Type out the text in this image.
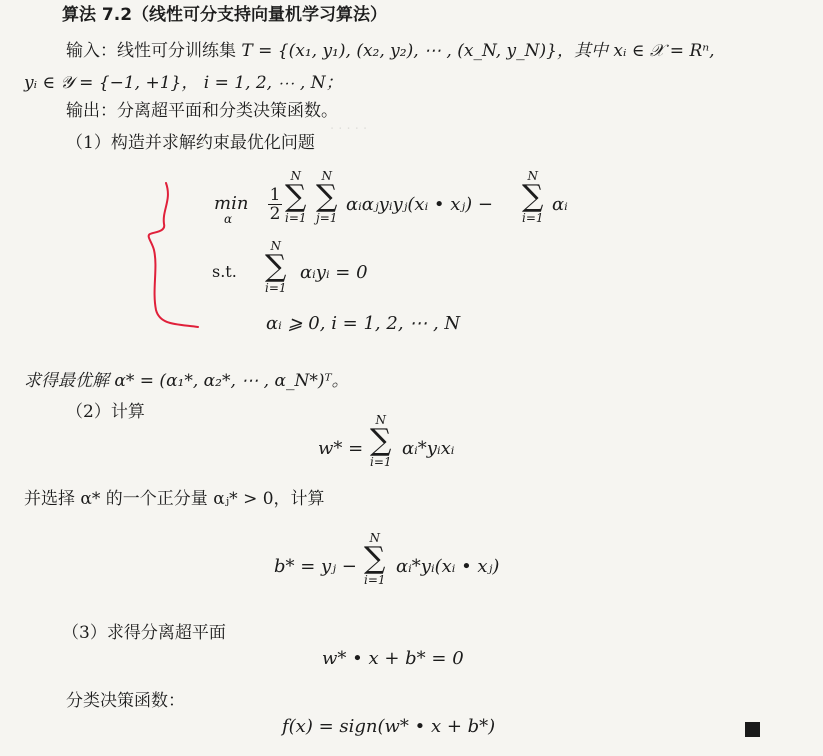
· · · · ·
算法 7.2（线性可分支持向量机学习算法）
输入：线性可分训练集 T = {(x₁, y₁), (x₂, y₂), ⋯ , (x_N, y_N)}，其中 xᵢ ∈ 𝒳 = Rⁿ,
yᵢ ∈ 𝒴 = {−1, +1}， i = 1, 2, ⋯ , N；
输出：分离超平面和分类决策函数。
（1）构造并求解约束最优化问题
min
α
1
2
N
∑
i=1
N
∑
j=1
αᵢαⱼyᵢyⱼ(xᵢ • xⱼ) −
N
∑
i=1
αᵢ
s.t.
N
∑
i=1
αᵢyᵢ = 0
αᵢ ⩾ 0, i = 1, 2, ⋯ , N
求得最优解 α* = (α₁*, α₂*, ⋯ , α_N*)ᵀ。
（2）计算
w* =
N
∑
i=1
αᵢ*yᵢxᵢ
并选择 α* 的一个正分量 αⱼ* > 0，计算
b* = yⱼ −
N
∑
i=1
αᵢ*yᵢ(xᵢ • xⱼ)
（3）求得分离超平面
w* • x + b* = 0
分类决策函数：
f(x) = sign(w* • x + b*)
